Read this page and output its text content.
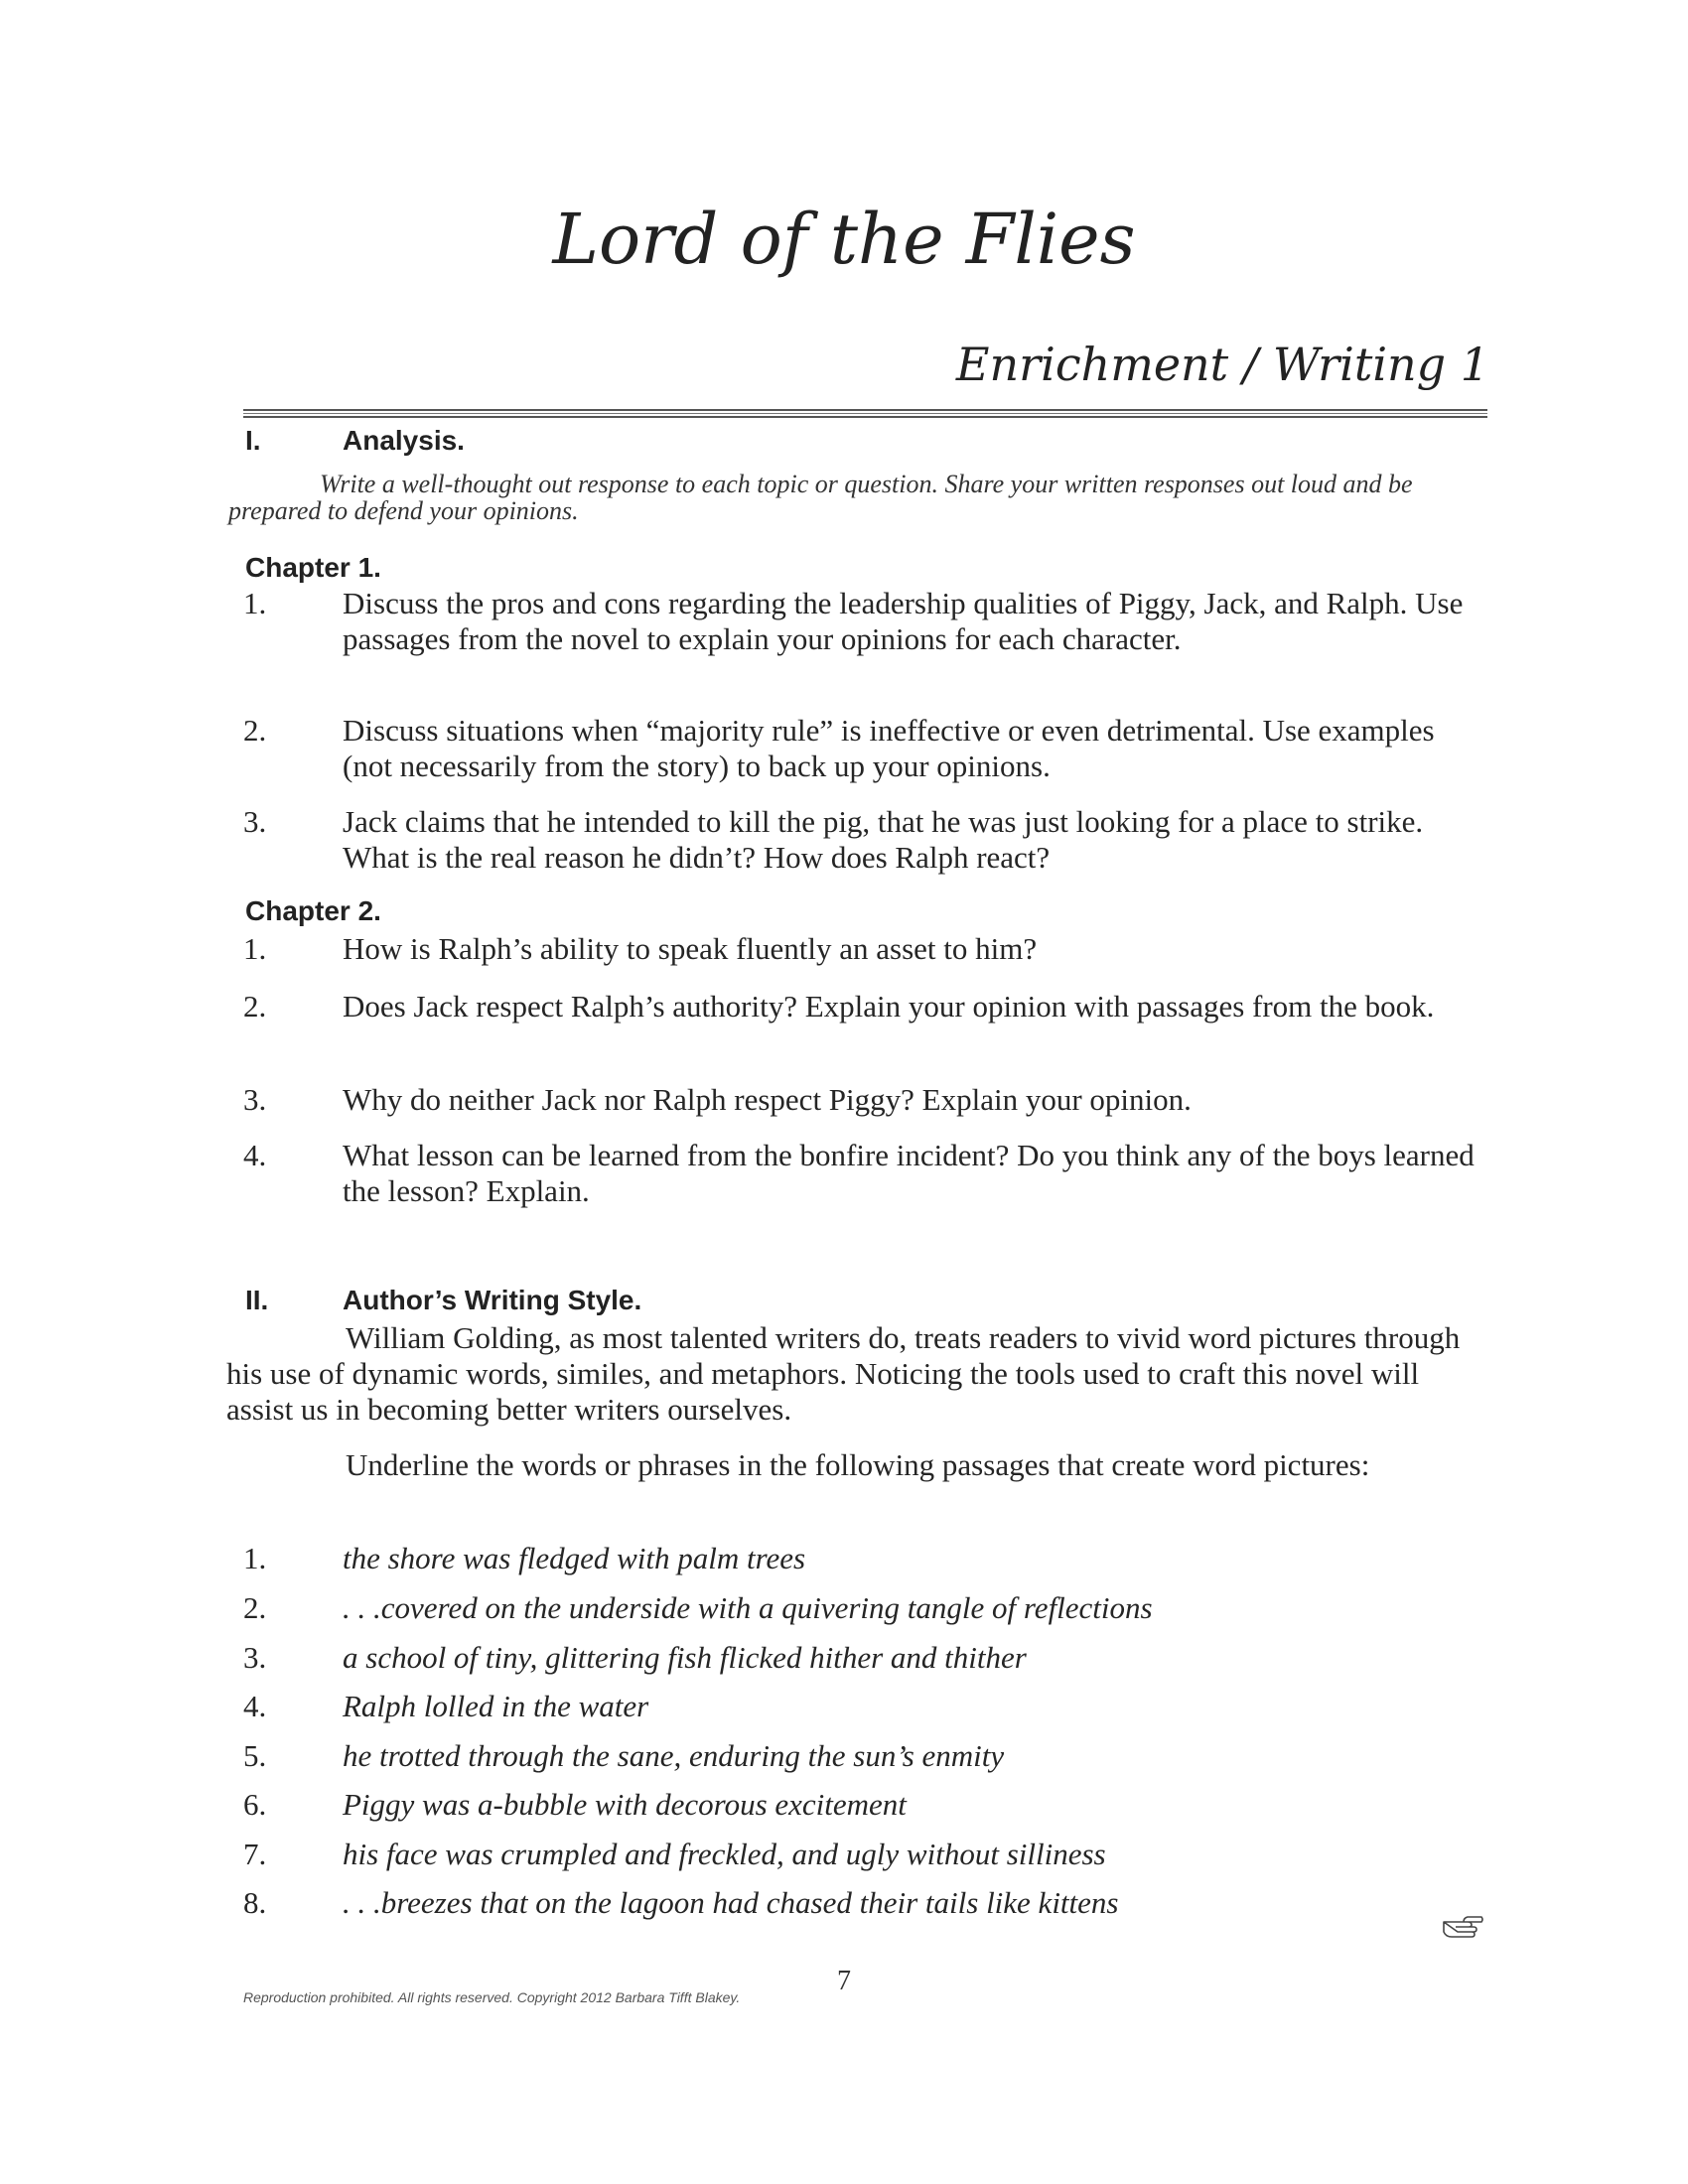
Lord of the Flies
Enrichment / Writing 1
I.	Analysis.
Write a well-thought out response to each topic or question. Share your written responses out loud and be prepared to defend your opinions.
Chapter 1.
1.	Discuss the pros and cons regarding the leadership qualities of Piggy, Jack, and Ralph. Use passages from the novel to explain your opinions for each character.
2.	Discuss situations when “majority rule” is ineffective or even detrimental. Use examples (not necessarily from the story) to back up your opinions.
3.	Jack claims that he intended to kill the pig, that he was just looking for a place to strike. What is the real reason he didn’t? How does Ralph react?
Chapter 2.
1.	How is Ralph’s ability to speak fluently an asset to him?
2.	Does Jack respect Ralph’s authority? Explain your opinion with passages from the book.
3.	Why do neither Jack nor Ralph respect Piggy? Explain your opinion.
4.	What lesson can be learned from the bonfire incident? Do you think any of the boys learned the lesson? Explain.
II.	Author’s Writing Style.
William Golding, as most talented writers do, treats readers to vivid word pictures through his use of dynamic words, similes, and metaphors. Noticing the tools used to craft this novel will assist us in becoming better writers ourselves.
Underline the words or phrases in the following passages that create word pictures:
1.	the shore was fledged with palm trees
2.	. . .covered on the underside with a quivering tangle of reflections
3.	a school of tiny, glittering fish flicked hither and thither
4.	Ralph lolled in the water
5.	he trotted through the sane, enduring the sun’s enmity
6.	Piggy was a-bubble with decorous excitement
7.	his face was crumpled and freckled, and ugly without silliness
8.	. . .breezes that on the lagoon had chased their tails like kittens
7
Reproduction prohibited. All rights reserved. Copyright 2012 Barbara Tifft Blakey.
